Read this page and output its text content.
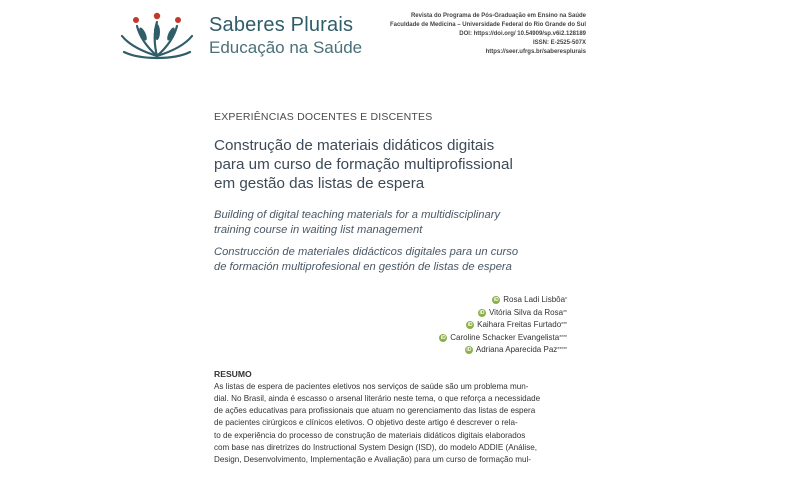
Saberes Plurais
Educação na Saúde
Revista do Programa de Pós-Graduação em Ensino na Saúde
Faculdade de Medicina – Universidade Federal do Rio Grande do Sul
DOI: https://doi.org/ 10.54909/sp.v6i2.128189
ISSN: E-2525-507X
https://seer.ufrgs.br/saberesplurais
EXPERIÊNCIAS DOCENTES E DISCENTES
Construção de materiais didáticos digitais
para um curso de formação multiprofissional
em gestão das listas de espera
Building of digital teaching materials for a multidisciplinary
training course in waiting list management
Construcción de materiales didácticos digitales para un curso
de formación multiprofesional en gestión de listas de espera
iD Rosa Ladi Lisbôa *
iD Vitória Silva da Rosa **
iD Kaihara Freitas Furtado ***
iD Caroline Schacker Evangelista ****
iD Adriana Aparecida Paz *****
RESUMO
As listas de espera de pacientes eletivos nos serviços de saúde são um problema mun-
dial. No Brasil, ainda é escasso o arsenal literário neste tema, o que reforça a necessidade
de ações educativas para profissionais que atuam no gerenciamento das listas de espera
de pacientes cirúrgicos e clínicos eletivos. O objetivo deste artigo é descrever o rela-
to de experiência do processo de construção de materiais didáticos digitais elaborados
com base nas diretrizes do Instructional System Design (ISD), do modelo ADDIE (Análise,
Design, Desenvolvimento, Implementação e Avaliação) para um curso de formação mul-
